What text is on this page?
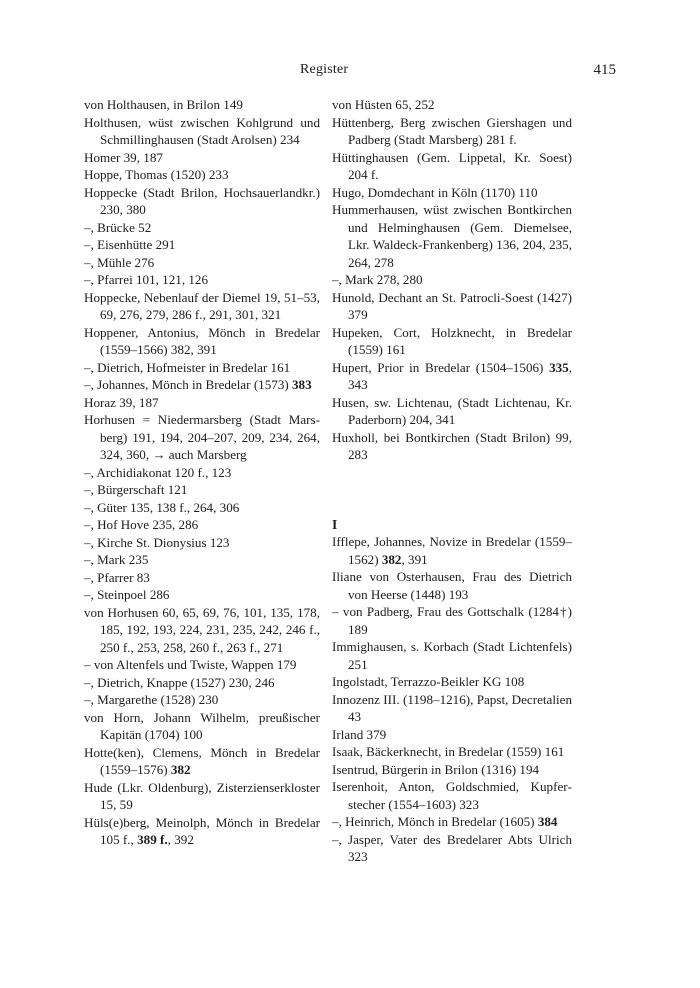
Register	415
von Holthausen, in Brilon 149
Holthusen, wüst zwischen Kohlgrund und Schmillinghausen (Stadt Arolsen) 234
Homer 39, 187
Hoppe, Thomas (1520) 233
Hoppecke (Stadt Brilon, Hochsauerlandkr.) 230, 380
–, Brücke 52
–, Eisenhütte 291
–, Mühle 276
–, Pfarrei 101, 121, 126
Hoppecke, Nebenlauf der Diemel 19, 51–53, 69, 276, 279, 286 f., 291, 301, 321
Hoppener, Antonius, Mönch in Bredelar (1559–1566) 382, 391
–, Dietrich, Hofmeister in Bredelar 161
–, Johannes, Mönch in Bredelar (1573) 383
Horaz 39, 187
Horhusen = Niedermarsberg (Stadt Marsberg) 191, 194, 204–207, 209, 234, 264, 324, 360, → auch Marsberg
–, Archidiakonat 120 f., 123
–, Bürgerschaft 121
–, Güter 135, 138 f., 264, 306
–, Hof Hove 235, 286
–, Kirche St. Dionysius 123
–, Mark 235
–, Pfarrer 83
–, Steinpoel 286
von Horhusen 60, 65, 69, 76, 101, 135, 178, 185, 192, 193, 224, 231, 235, 242, 246 f., 250 f., 253, 258, 260 f., 263 f., 271
– von Altenfels und Twiste, Wappen 179
–, Dietrich, Knappe (1527) 230, 246
–, Margarethe (1528) 230
von Horn, Johann Wilhelm, preußischer Kapitän (1704) 100
Hotte(ken), Clemens, Mönch in Bredelar (1559–1576) 382
Hude (Lkr. Oldenburg), Zisterzienserkloster 15, 59
Hüls(e)berg, Meinolph, Mönch in Bredelar 105 f., 389 f., 392
von Hüsten 65, 252
Hüttenberg, Berg zwischen Giershagen und Padberg (Stadt Marsberg) 281 f.
Hüttinghausen (Gem. Lippetal, Kr. Soest) 204 f.
Hugo, Domdechant in Köln (1170) 110
Hummerhausen, wüst zwischen Bontkirchen und Helminghausen (Gem. Diemelsee, Lkr. Waldeck-Frankenberg) 136, 204, 235, 264, 278
–, Mark 278, 280
Hunold, Dechant an St. Patrocli-Soest (1427) 379
Hupeken, Cort, Holzknecht, in Bredelar (1559) 161
Hupert, Prior in Bredelar (1504–1506) 335, 343
Husen, sw. Lichtenau, (Stadt Lichtenau, Kr. Paderborn) 204, 341
Huxholl, bei Bontkirchen (Stadt Brilon) 99, 283
I
Ifflepe, Johannes, Novize in Bredelar (1559–1562) 382, 391
Iliane von Osterhausen, Frau des Dietrich von Heerse (1448) 193
– von Padberg, Frau des Gottschalk (1284†) 189
Immighausen, s. Korbach (Stadt Lichtenfels) 251
Ingolstadt, Terrazzo-Beikler KG 108
Innozenz III. (1198–1216), Papst, Decretalien 43
Irland 379
Isaak, Bäckerknecht, in Bredelar (1559) 161
Isentrud, Bürgerin in Brilon (1316) 194
Iserenhoit, Anton, Goldschmied, Kupferstecher (1554–1603) 323
–, Heinrich, Mönch in Bredelar (1605) 384
–, Jasper, Vater des Bredelarer Abts Ulrich 323
